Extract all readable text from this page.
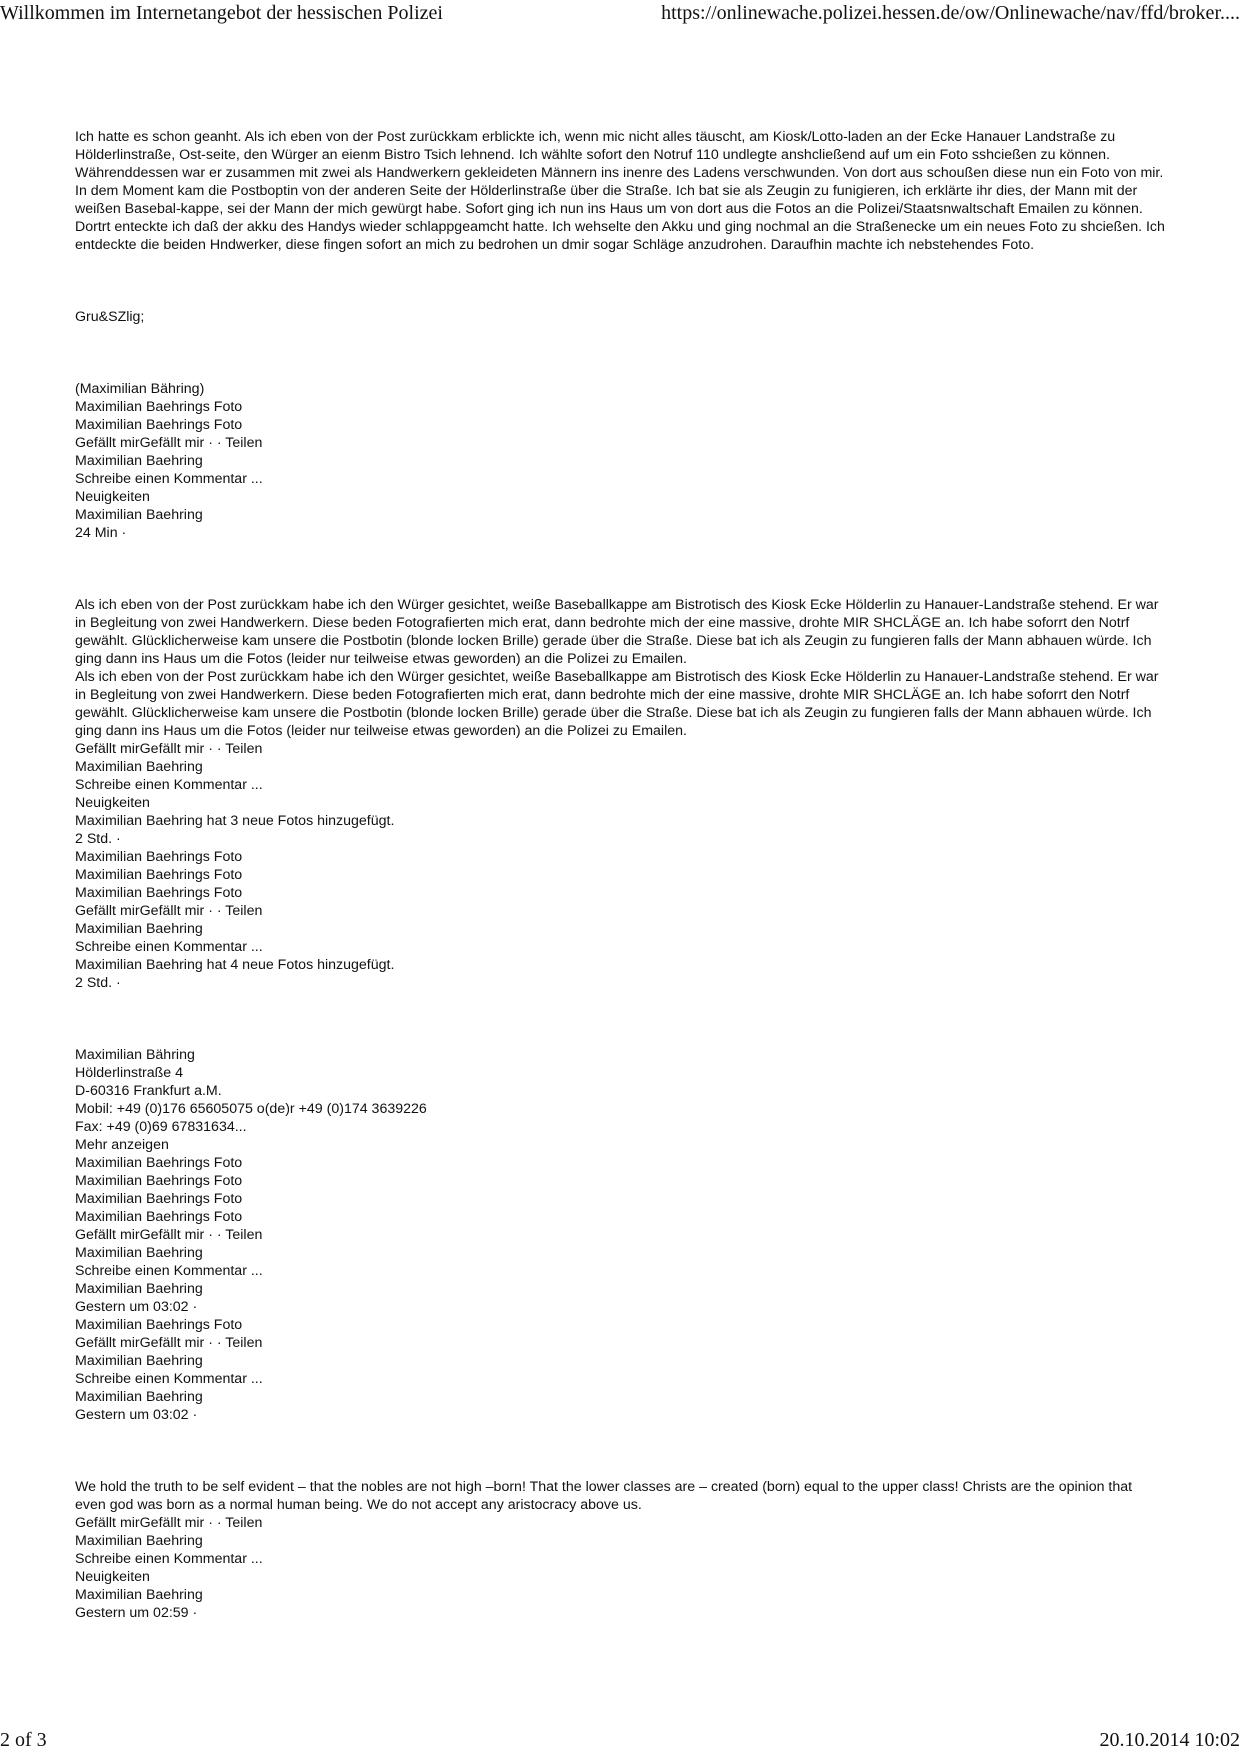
Willkommen im Internetangebot der hessischen Polizei	https://onlinewache.polizei.hessen.de/ow/Onlinewache/nav/ffd/broker....

Ich hatte es schon geanht. Als ich eben von der Post zurückkam erblickte ich, wenn mic nicht alles täuscht, am Kiosk/Lotto-laden an der Ecke Hanauer Landstraße zu Hölderlinstraße, Ost-seite, den Würger an eienm Bistro Tsich lehnend. Ich wählte sofort den Notruf 110 undlegte anshcließend auf um ein Foto sshcießen zu können. Währenddessen war er zusammen mit zwei als Handwerkern gekleideten Männern ins inenre des Ladens verschwunden. Von dort aus schoußen diese nun ein Foto von mir. In dem Moment kam die Postboptin von der anderen Seite der Hölderlinstraße über die Straße. Ich bat sie als Zeugin zu funigieren, ich erklärte ihr dies, der Mann mit der weißen Basebal-kappe, sei der Mann der mich gewürgt habe. Sofort ging ich nun ins Haus um von dort aus die Fotos an die Polizei/Staatsnwaltschaft Emailen zu können. Dortrt enteckte ich daß der akku des Handys wieder schlappgeamcht hatte. Ich wehselte den Akku und ging nochmal an die Straßenecke um ein neues Foto zu shcießen. Ich entdeckte die beiden Hndwerker, diese fingen sofort an mich zu bedrohen un dmir sogar Schläge anzudrohen. Daraufhin machte ich nebstehendes Foto.

Gru&SZlig;

(Maximilian Bähring)

Maximilian Baehrings Foto

Maximilian Baehrings Foto

Gefällt mirGefällt mir · · Teilen

Maximilian Baehring

Schreibe einen Kommentar ...

Neuigkeiten

Maximilian Baehring

24 Min ·

Als ich eben von der Post zurückkam habe ich den Würger gesichtet, weiße Baseballkappe am Bistrotisch des Kiosk Ecke Hölderlin zu Hanauer-Landstraße stehend. Er war in Begleitung von zwei Handwerkern. Diese beden Fotografierten mich erat, dann bedrohte mich der eine massive, drohte MIR SHCLÄGE an. Ich habe soforrt den Notrf gewählt. Glücklicherweise kam unsere die Postbotin (blonde locken Brille) gerade über die Straße. Diese bat ich als Zeugin zu fungieren falls der Mann abhauen würde. Ich ging dann ins Haus um die Fotos (leider nur teilweise etwas geworden) an die Polizei zu Emailen.

Als ich eben von der Post zurückkam habe ich den Würger gesichtet, weiße Baseballkappe am Bistrotisch des Kiosk Ecke Hölderlin zu Hanauer-Landstraße stehend. Er war in Begleitung von zwei Handwerkern. Diese beden Fotografierten mich erat, dann bedrohte mich der eine massive, drohte MIR SHCLÄGE an. Ich habe soforrt den Notrf gewählt. Glücklicherweise kam unsere die Postbotin (blonde locken Brille) gerade über die Straße. Diese bat ich als Zeugin zu fungieren falls der Mann abhauen würde. Ich ging dann ins Haus um die Fotos (leider nur teilweise etwas geworden) an die Polizei zu Emailen.

Gefällt mirGefällt mir · · Teilen

Maximilian Baehring

Schreibe einen Kommentar ...

Neuigkeiten

Maximilian Baehring hat 3 neue Fotos hinzugefügt.

2 Std. ·

Maximilian Baehrings Foto

Maximilian Baehrings Foto

Maximilian Baehrings Foto

Gefällt mirGefällt mir · · Teilen

Maximilian Baehring

Schreibe einen Kommentar ...

Maximilian Baehring hat 4 neue Fotos hinzugefügt.

2 Std. ·

Maximilian Bähring

Hölderlinstraße 4

D-60316 Frankfurt a.M.

Mobil: +49 (0)176 65605075 o(de)r +49 (0)174 3639226

Fax: +49 (0)69 67831634...

Mehr anzeigen

Maximilian Baehrings Foto

Maximilian Baehrings Foto

Maximilian Baehrings Foto

Maximilian Baehrings Foto

Gefällt mirGefällt mir · · Teilen

Maximilian Baehring

Schreibe einen Kommentar ...

Maximilian Baehring

Gestern um 03:02 ·

Maximilian Baehrings Foto

Gefällt mirGefällt mir · · Teilen

Maximilian Baehring

Schreibe einen Kommentar ...

Maximilian Baehring

Gestern um 03:02 ·

We hold the truth to be self evident – that the nobles are not high –born! That the lower classes are – created (born) equal to the upper class! Christs are the opinion that even god was born as a normal human being. We do not accept any aristocracy above us.

Gefällt mirGefällt mir · · Teilen

Maximilian Baehring

Schreibe einen Kommentar ...

Neuigkeiten

Maximilian Baehring

Gestern um 02:59 ·

2 of 3	20.10.2014 10:02
